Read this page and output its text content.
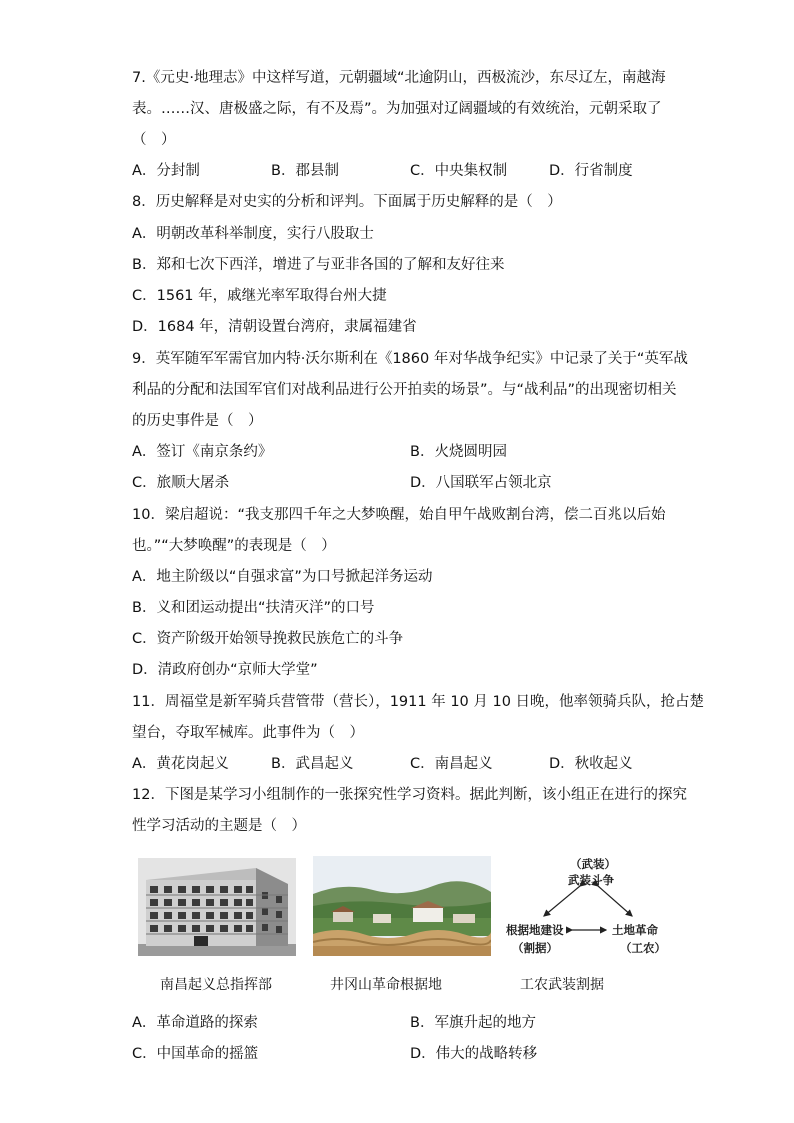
7.《元史·地理志》中这样写道，元朝疆域“北逾阴山，西极流沙，东尽辽左，南越海
表。……汉、唐极盛之际，有不及焉”。为加强对辽阔疆域的有效统治，元朝采取了
（　）
A．分封制	B．郡县制	C．中央集权制	D．行省制度
8．历史解释是对史实的分析和评判。下面属于历史解释的是（　）
A．明朝改革科举制度，实行八股取士
B．郑和七次下西洋，增进了与亚非各国的了解和友好往来
C．1561 年，戚继光率军取得台州大捷
D．1684 年，清朝设置台湾府，隶属福建省
9．英军随军军需官加内特·沃尔斯利在《1860 年对华战争纪实》中记录了关于“英军战
利品的分配和法国军官们对战利品进行公开拍卖的场景”。与“战利品”的出现密切相关
的历史事件是（　）
A．签订《南京条约》	B．火烧圆明园
C．旅顺大屠杀	D．八国联军占领北京
10．梁启超说：“我支那四千年之大梦唤醒，始自甲午战败割台湾，偿二百兆以后始
也。”“大梦唤醒”的表现是（　）
A．地主阶级以“自强求富”为口号掀起洋务运动
B．义和团运动提出“扶清灭洋”的口号
C．资产阶级开始领导挽救民族危亡的斗争
D．清政府创办“京师大学堂”
11．周福堂是新军骑兵营管带（营长），1911 年 10 月 10 日晚，他率领骑兵队，抢占楚
望台，夺取军械库。此事件为（　）
A．黄花岗起义	B．武昌起义	C．南昌起义	D．秋收起义
12．下图是某学习小组制作的一张探究性学习资料。据此判断，该小组正在进行的探究
性学习活动的主题是（　）
（武装）
武装斗争
根据地建设
（割据）
土地革命
（工农）
南昌起义总指挥部	井冈山革命根据地	工农武装割据
A．革命道路的探索	B．军旗升起的地方
C．中国革命的摇篮	D．伟大的战略转移
